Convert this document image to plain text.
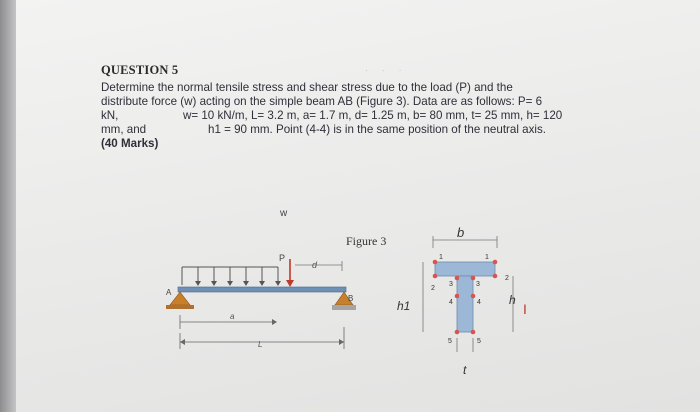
QUESTION 5	· · ·
Determine the normal tensile stress and shear stress due to the load (P) and the
distribute force (w) acting on the simple beam AB (Figure 3). Data are as follows: P= 6
kN,	w= 10 kN/m, L= 3.2 m, a= 1.7 m, d= 1.25 m, b= 80 mm, t= 25 mm, h= 120
mm, and	h1 = 90 mm. Point (4-4) is in the same position of the neutral axis.
(40 Marks)
w
Figure 3
P
d
A
B
a
L
b
h1	h
I
t
1	1
2
2
3	3
4	4
5	5
